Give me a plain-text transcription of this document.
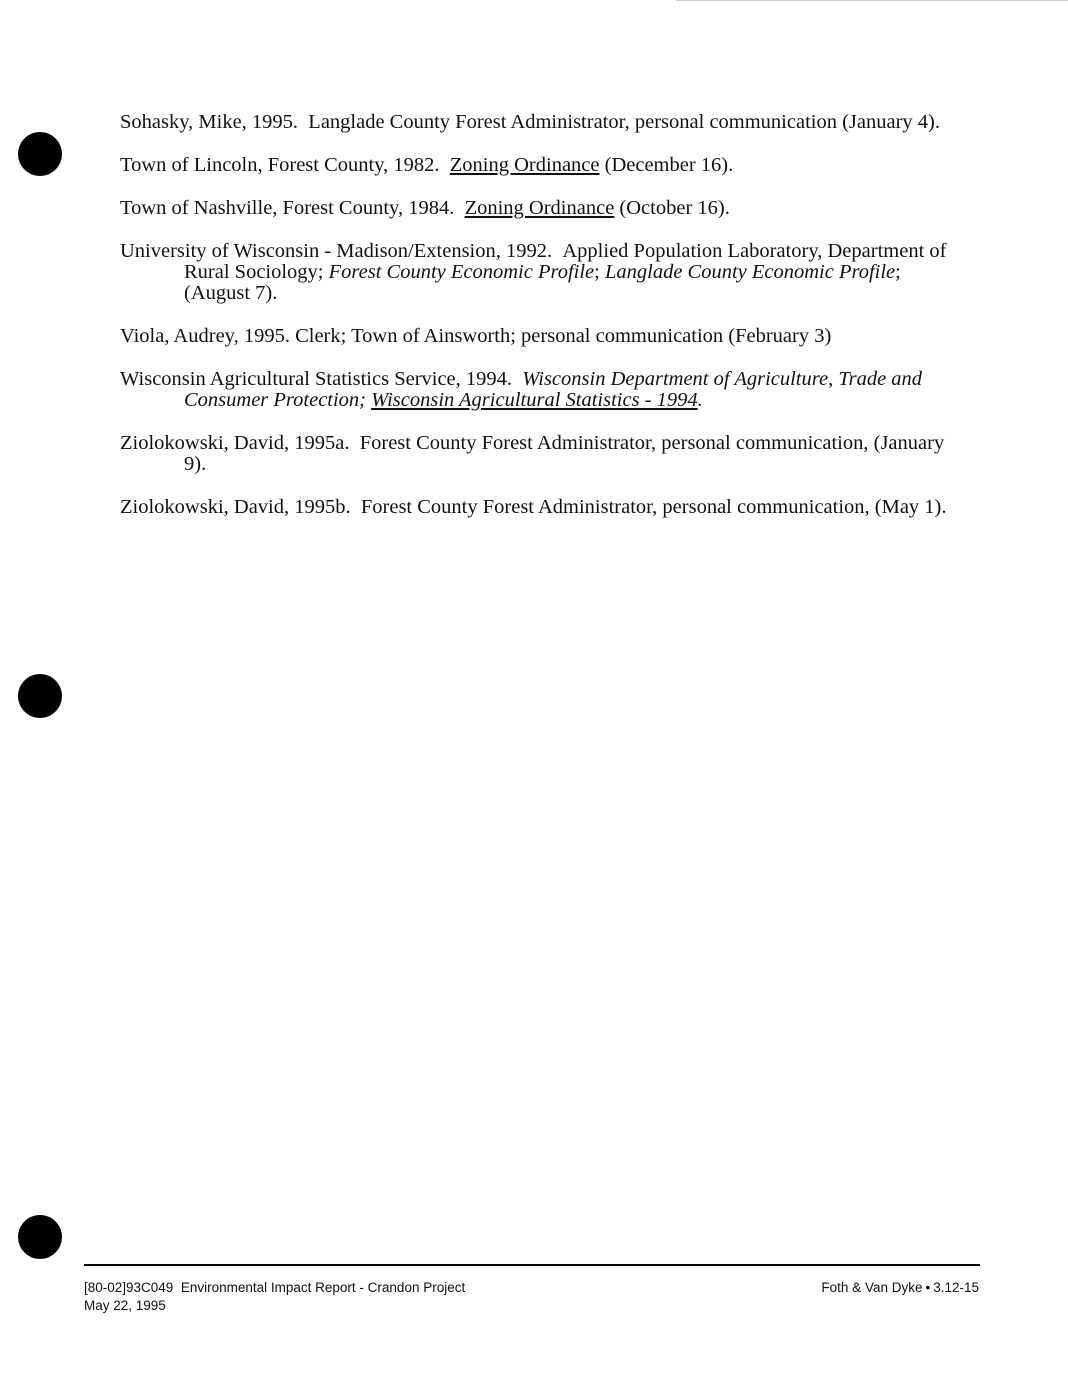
Sohasky, Mike, 1995. Langlade County Forest Administrator, personal communication (January 4).

Town of Lincoln, Forest County, 1982. Zoning Ordinance (December 16).

Town of Nashville, Forest County, 1984. Zoning Ordinance (October 16).

University of Wisconsin - Madison/Extension, 1992. Applied Population Laboratory, Department of Rural Sociology; Forest County Economic Profile; Langlade County Economic Profile; (August 7).

Viola, Audrey, 1995. Clerk; Town of Ainsworth; personal communication (February 3)

Wisconsin Agricultural Statistics Service, 1994. Wisconsin Department of Agriculture, Trade and Consumer Protection; Wisconsin Agricultural Statistics - 1994.

Ziolokowski, David, 1995a. Forest County Forest Administrator, personal communication, (January 9).

Ziolokowski, David, 1995b. Forest County Forest Administrator, personal communication, (May 1).

[80-02]93C049 Environmental Impact Report - Crandon Project
May 22, 1995
Foth & Van Dyke • 3.12-15
